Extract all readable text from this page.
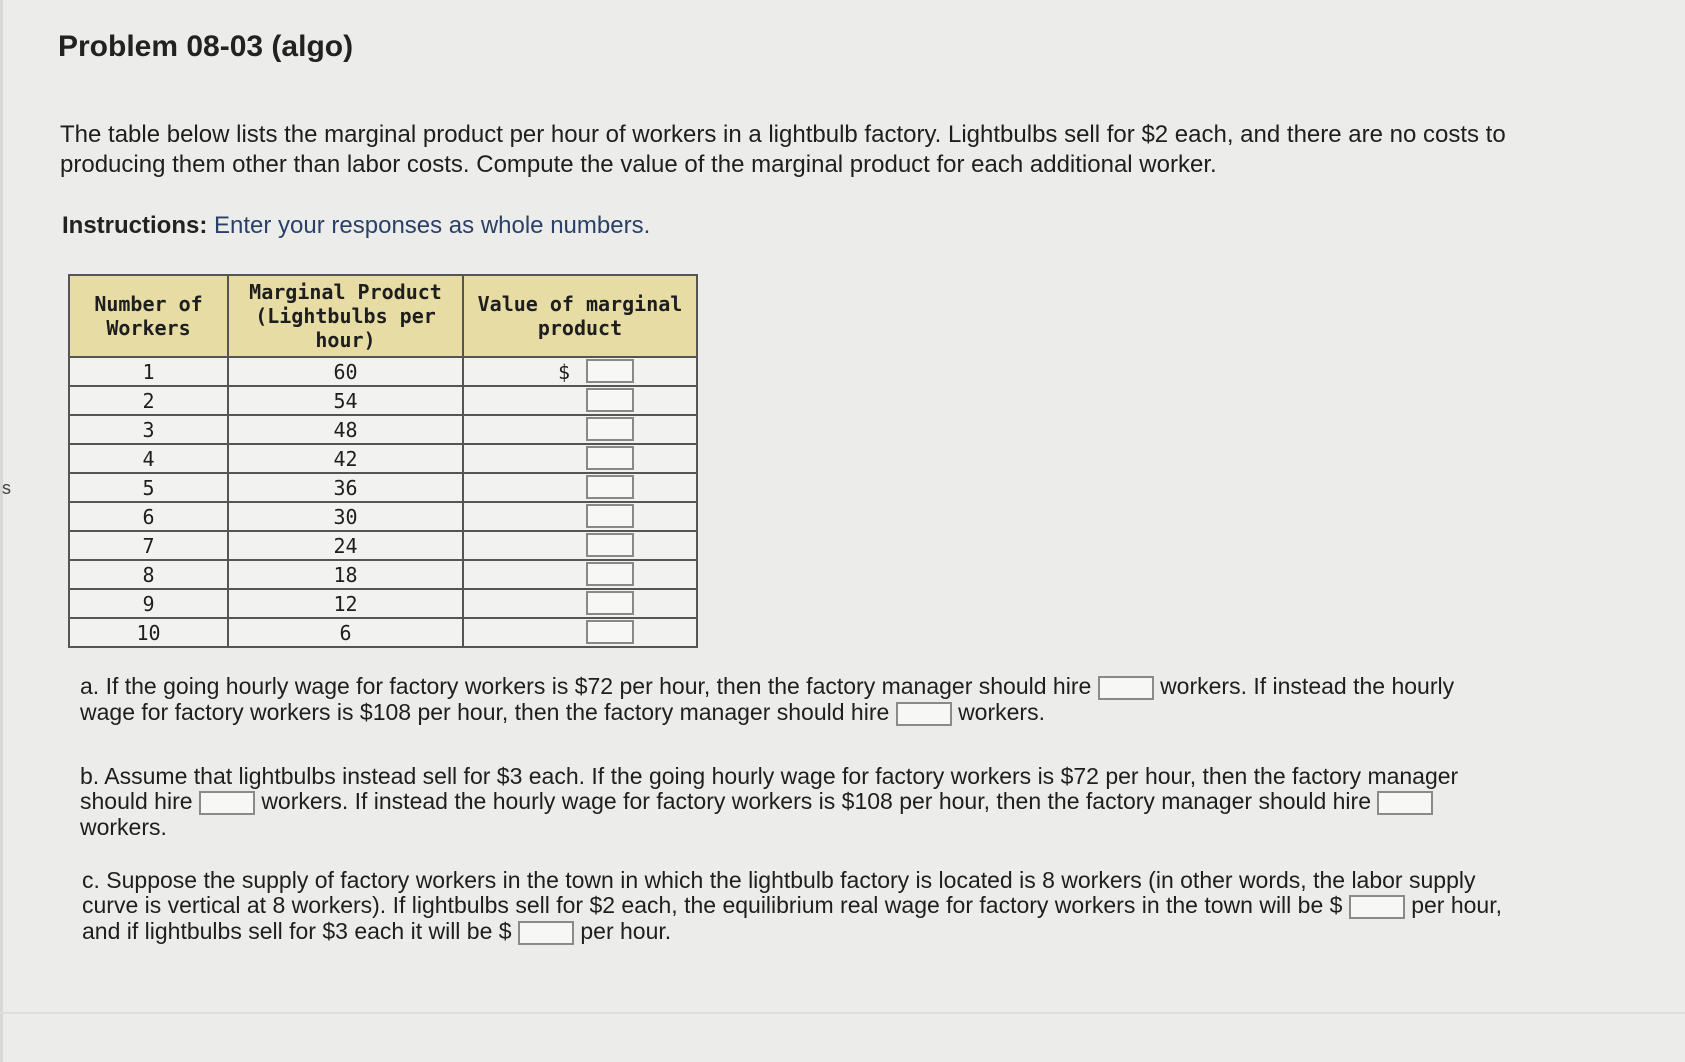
s
Problem 08-03 (algo)

The table below lists the marginal product per hour of workers in a lightbulb factory. Lightbulbs sell for $2 each, and there are no costs to producing them other than labor costs. Compute the value of the marginal product for each additional worker.

Instructions: Enter your responses as whole numbers.

Number of Workers	Marginal Product (Lightbulbs per hour)	Value of marginal product
1	60	$

2	54	

3	48	

4	42	

5	36	

6	30	

7	24	

8	18	

9	12	

10	6	

a. If the going hourly wage for factory workers is $72 per hour, then the factory manager should hire	workers. If instead the hourly wage for factory workers is $108 per hour, then the factory manager should hire	workers.

b. Assume that lightbulbs instead sell for $3 each. If the going hourly wage for factory workers is $72 per hour, then the factory manager should hire	workers. If instead the hourly wage for factory workers is $108 per hour, then the factory manager should hire  workers.

c. Suppose the supply of factory workers in the town in which the lightbulb factory is located is 8 workers (in other words, the labor supply curve is vertical at 8 workers). If lightbulbs sell for $2 each, the equilibrium real wage for factory workers in the town will be $	per hour, and if lightbulbs sell for $3 each it will be $	per hour.
